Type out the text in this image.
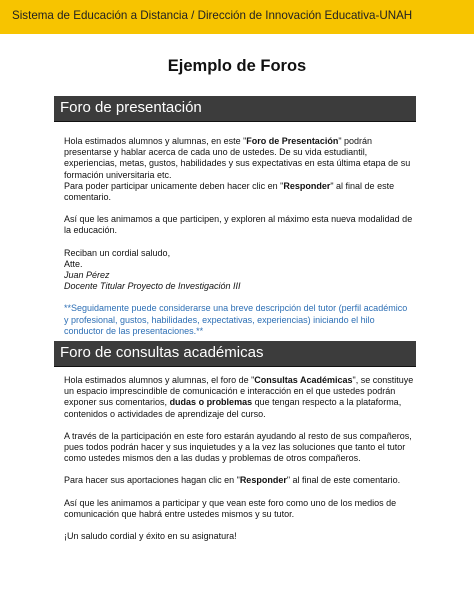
Sistema de Educación a Distancia / Dirección de Innovación Educativa-UNAH
Ejemplo de Foros
Foro de presentación

Hola estimados alumnos y alumnas, en este "Foro de Presentación" podrán presentarse y hablar acerca de cada uno de ustedes. De su vida estudiantil, experiencias, metas, gustos, habilidades y sus expectativas en esta última etapa de su formación universitaria etc.

Para poder participar unicamente deben hacer clic en "Responder" al final de este comentario.

Así que les animamos a que participen, y exploren al máximo esta nueva modalidad de la educación.

Reciban un cordial saludo,

Atte.

Juan Pérez

Docente Titular Proyecto de Investigación III

**Seguidamente puede considerarse una breve descripción del tutor (perfil académico y profesional, gustos, habilidades, expectativas, experiencias) iniciando el hilo conductor de las presentaciones.**

Foro de consultas académicas

Hola estimados alumnos y alumnas, el foro de "Consultas Académicas", se constituye un espacio imprescindible de comunicación e interacción en el que ustedes podrán exponer sus comentarios, dudas o problemas que tengan respecto a la plataforma, contenidos o actividades de aprendizaje del curso.

A través de la participación en este foro estarán ayudando al resto de sus compañeros, pues todos podrán hacer y sus inquietudes y a la vez las soluciones que tanto el tutor como ustedes mismos den a las dudas y problemas de otros compañeros.

Para hacer sus aportaciones hagan clic en "Responder" al final de este comentario.

Así que les animamos a participar y que vean este foro como uno de los medios de comunicación que habrá entre ustedes mismos y su tutor.

¡Un saludo cordial y éxito en su asignatura!
